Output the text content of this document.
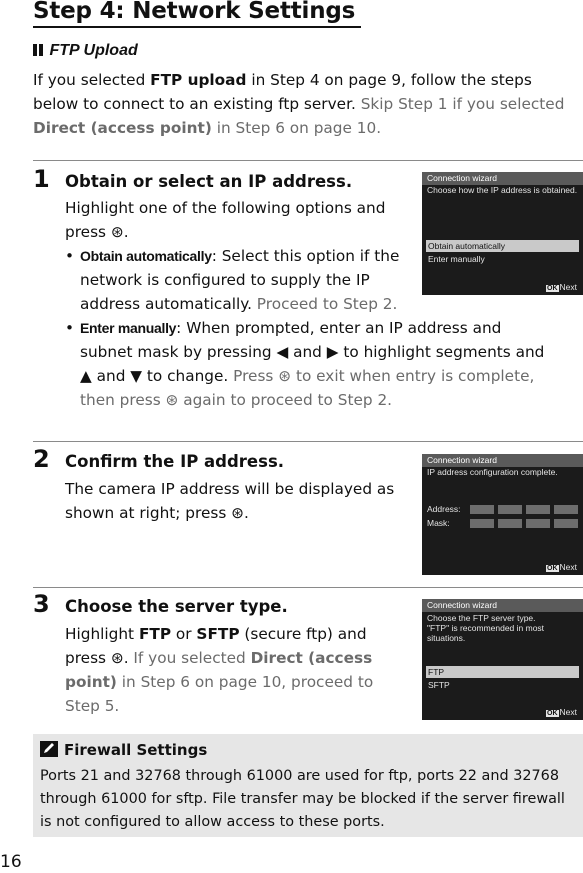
Step 4: Network Settings
FTP Upload
If you selected FTP upload in Step 4 on page 9, follow the steps below to connect to an existing ftp server. Skip Step 1 if you selected Direct (access point) in Step 6 on page 10.
1 Obtain or select an IP address.
Highlight one of the following options and press ⊛.
• Obtain automatically: Select this option if the network is configured to supply the IP address automatically. Proceed to Step 2.
• Enter manually: When prompted, enter an IP address and subnet mask by pressing ◀ and ▶ to highlight segments and ▲ and ▼ to change. Press ⊛ to exit when entry is complete, then press ⊛ again to proceed to Step 2.
Connection wizard
Choose how the IP address is obtained.
Obtain automatically
Enter manually
OK Next
2 Confirm the IP address.
The camera IP address will be displayed as shown at right; press ⊛.
Connection wizard
IP address configuration complete.
Address:
Mask:
OK Next
3 Choose the server type.
Highlight FTP or SFTP (secure ftp) and press ⊛. If you selected Direct (access point) in Step 6 on page 10, proceed to Step 5.
Connection wizard
Choose the FTP server type.
"FTP" is recommended in most
situations.
FTP
SFTP
OK Next
Firewall Settings
Ports 21 and 32768 through 61000 are used for ftp, ports 22 and 32768 through 61000 for sftp. File transfer may be blocked if the server firewall is not configured to allow access to these ports.
16
